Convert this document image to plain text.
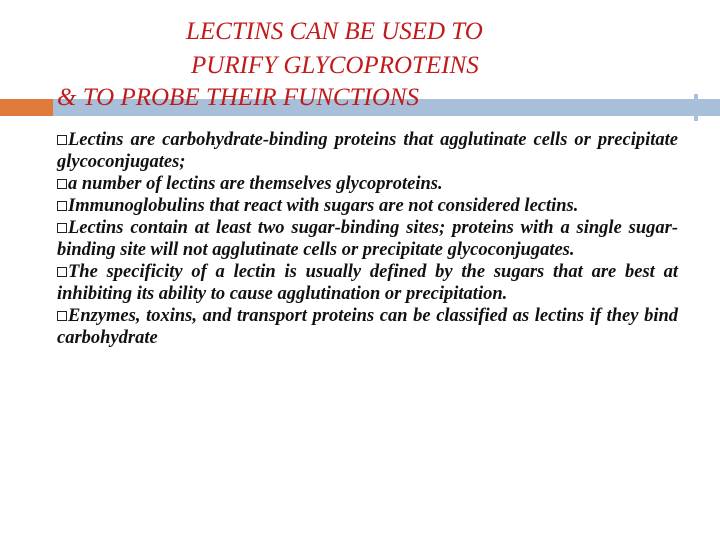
LECTINS CAN BE USED TO
PURIFY GLYCOPROTEINS
& TO PROBE THEIR FUNCTIONS

Lectins are carbohydrate-binding proteins that agglutinate cells or precipitate glycoconjugates;

a number of lectins are themselves glycoproteins.

Immunoglobulins that react with sugars are not considered lectins.

Lectins contain at least two sugar-binding sites; proteins with a single sugar-binding site will not agglutinate cells or precipitate glycoconjugates.

The specificity of a lectin is usually defined by the sugars that are best at inhibiting its ability to cause agglutination or precipitation.

Enzymes, toxins, and transport proteins can be classified as lectins if they bind carbohydrate
